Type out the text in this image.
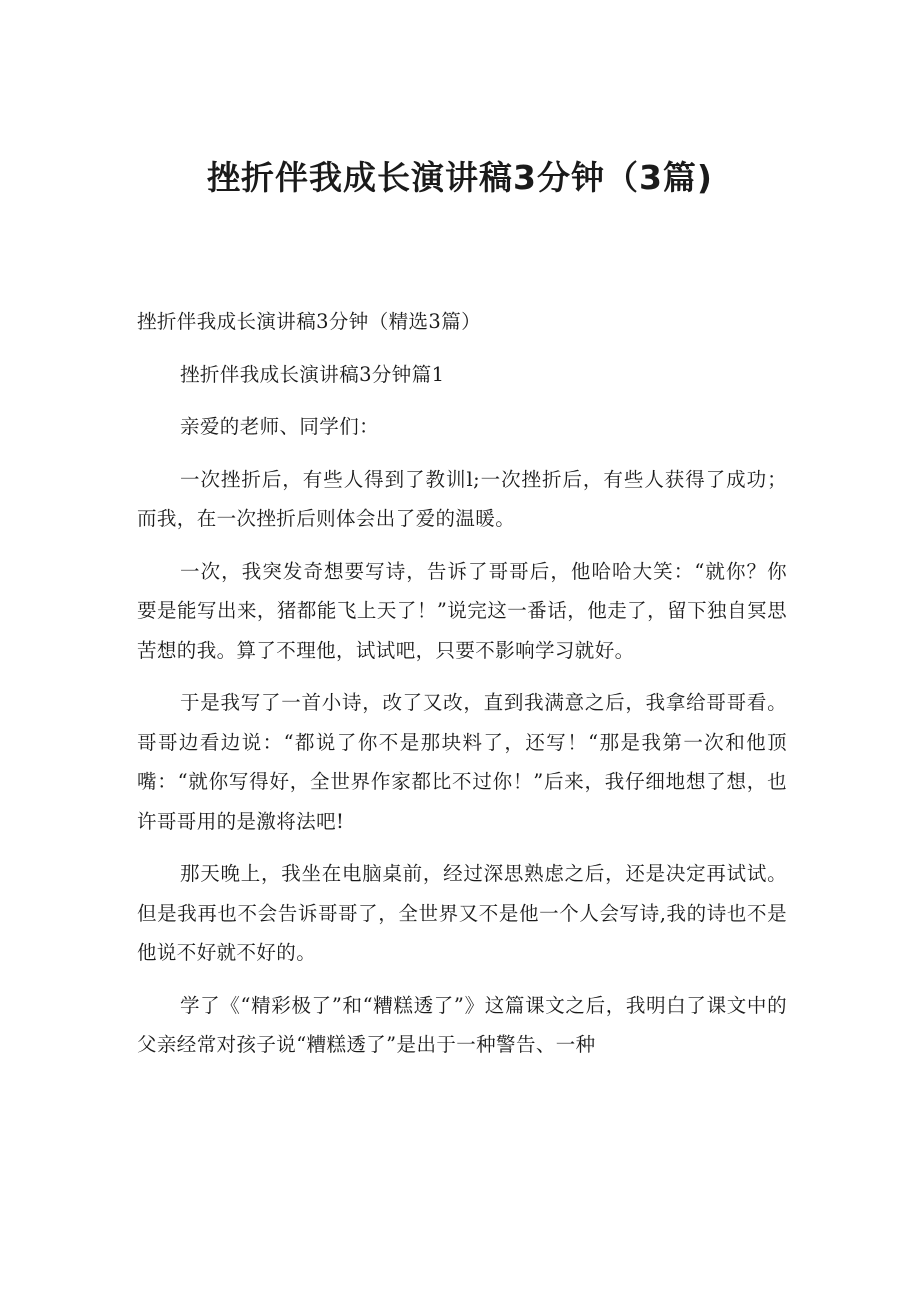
挫折伴我成长演讲稿3分钟（3篇)

挫折伴我成长演讲稿3分钟（精选3篇）

挫折伴我成长演讲稿3分钟篇1

亲爱的老师、同学们：

一次挫折后，有些人得到了教训l;一次挫折后，有些人获得了成功；而我，在一次挫折后则体会出了爱的温暖。

一次，我突发奇想要写诗，告诉了哥哥后，他哈哈大笑：“就你？你要是能写出来，猪都能飞上天了！”说完这一番话，他走了，留下独自冥思苦想的我。算了不理他，试试吧，只要不影响学习就好。

于是我写了一首小诗，改了又改，直到我满意之后，我拿给哥哥看。哥哥边看边说：“都说了你不是那块料了，还写！“那是我第一次和他顶嘴：“就你写得好，全世界作家都比不过你！”后来，我仔细地想了想，也许哥哥用的是激将法吧!

那天晚上，我坐在电脑桌前，经过深思熟虑之后，还是决定再试试。但是我再也不会告诉哥哥了，全世界又不是他一个人会写诗,我的诗也不是他说不好就不好的。

学了《“精彩极了”和“糟糕透了”》这篇课文之后，我明白了课文中的父亲经常对孩子说“糟糕透了”是出于一种警告、一种
